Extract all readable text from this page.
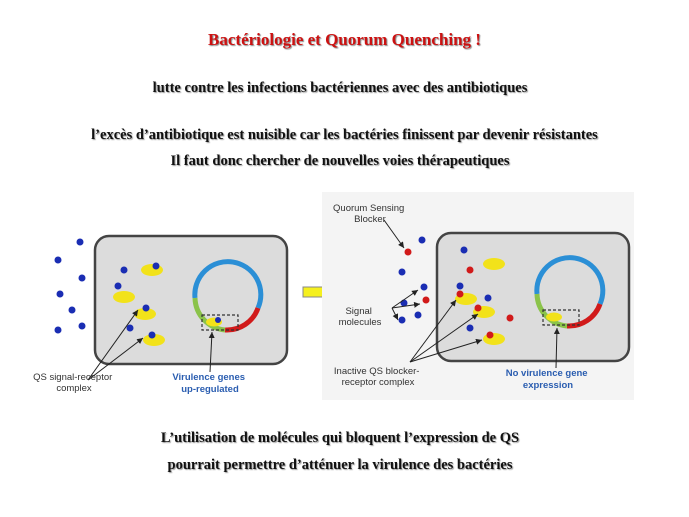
Bactériologie et Quorum Quenching !
lutte contre les infections bactériennes avec des antibiotiques
l’excès d’antibiotique est nuisible car les bactéries finissent par devenir résistantes
Il faut donc chercher de nouvelles voies thérapeutiques
QS signal-receptor complex
Virulence genes up-regulated
Quorum Sensing Blocker
Signal molecules
Inactive QS blocker- receptor complex
No virulence gene expression
L’utilisation de molécules qui bloquent l’expression de QS
pourrait permettre d’atténuer la virulence des bactéries
